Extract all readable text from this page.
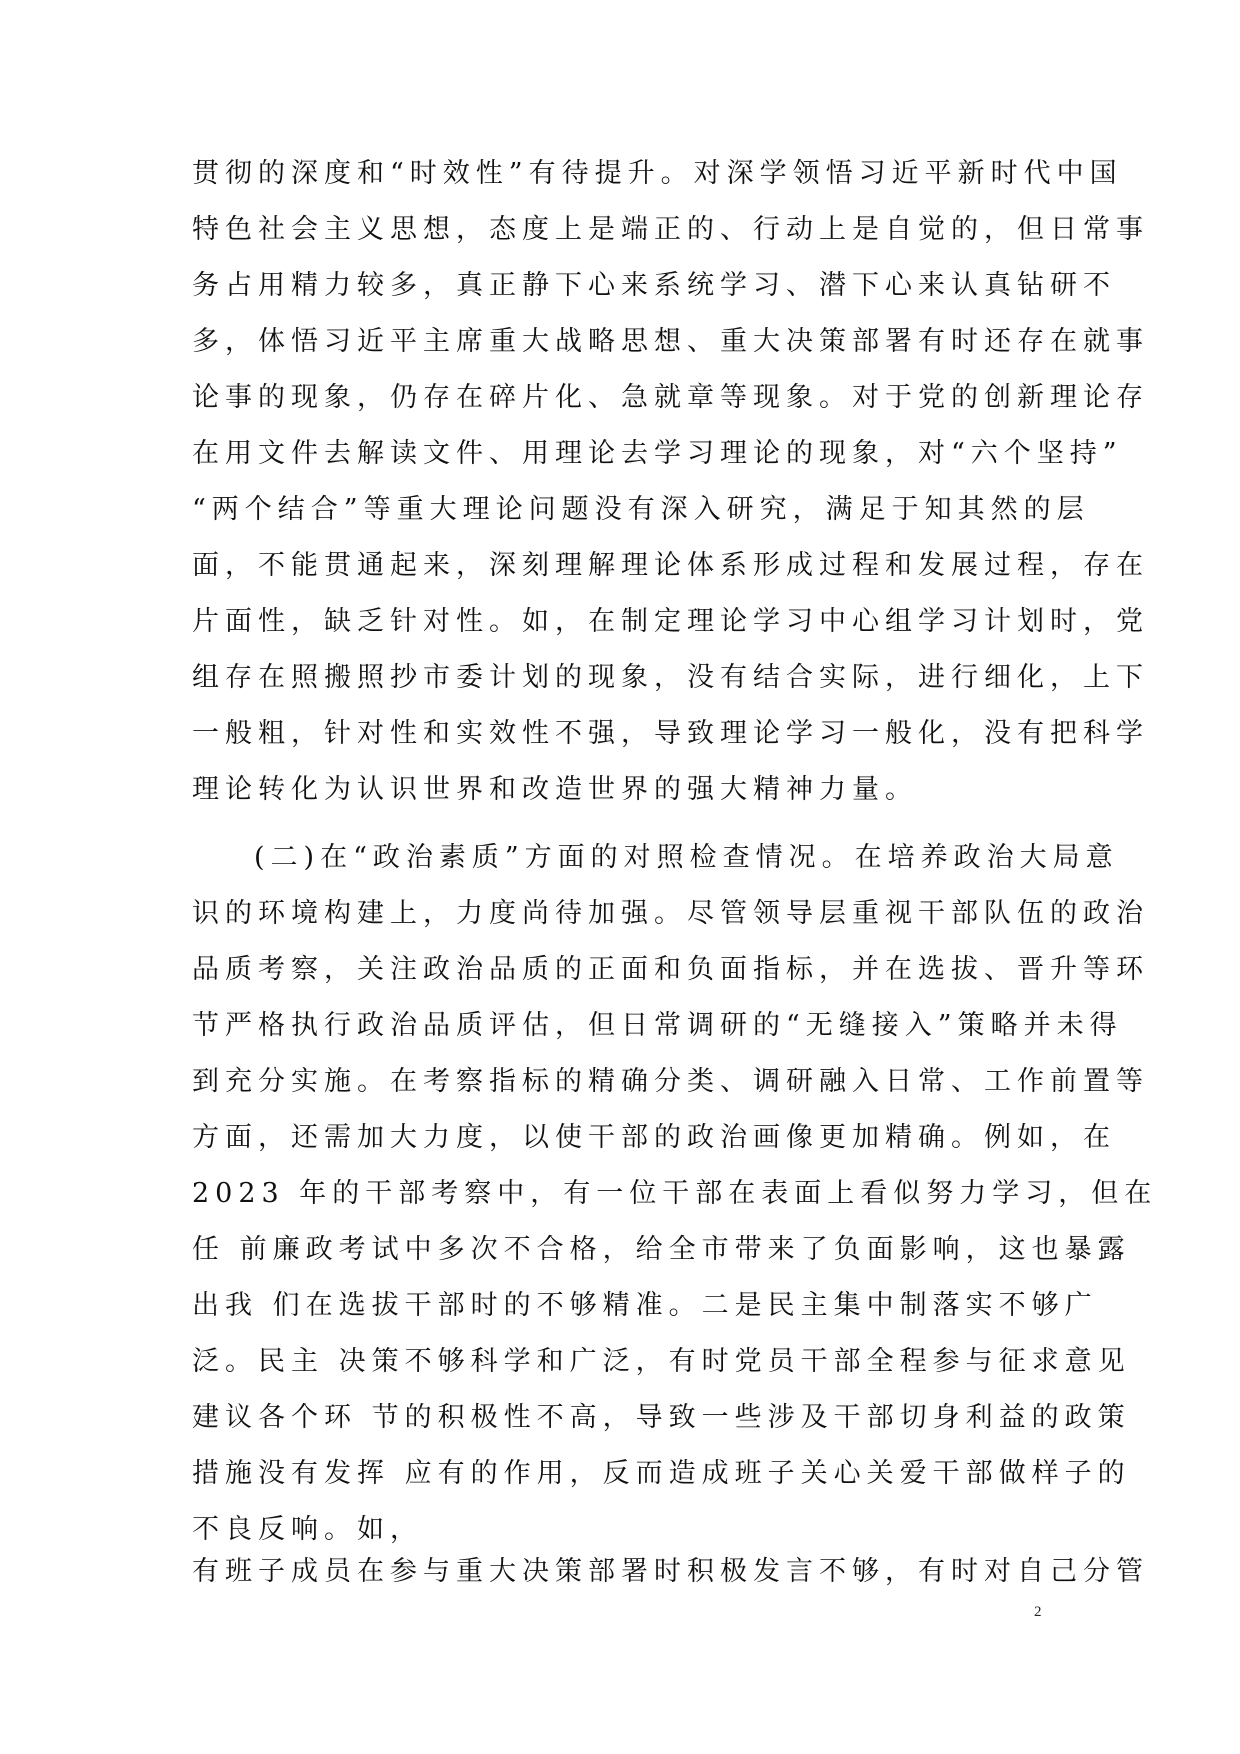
贯彻的深度和“时效性”有待提升。对深学领悟习近平新时代中国
特色社会主义思想，态度上是端正的、行动上是自觉的，但日常事
务占用精力较多，真正静下心来系统学习、潜下心来认真钻研不
多，体悟习近平主席重大战略思想、重大决策部署有时还存在就事
论事的现象，仍存在碎片化、急就章等现象。对于党的创新理论存
在用文件去解读文件、用理论去学习理论的现象，对“六个坚持”
“两个结合”等重大理论问题没有深入研究，满足于知其然的层
面，不能贯通起来，深刻理解理论体系形成过程和发展过程，存在
片面性，缺乏针对性。如，在制定理论学习中心组学习计划时，党
组存在照搬照抄市委计划的现象，没有结合实际，进行细化，上下
一般粗，针对性和实效性不强，导致理论学习一般化，没有把科学
理论转化为认识世界和改造世界的强大精神力量。
(二)在“政治素质”方面的对照检查情况。在培养政治大局意
识的环境构建上，力度尚待加强。尽管领导层重视干部队伍的政治
品质考察，关注政治品质的正面和负面指标，并在选拔、晋升等环
节严格执行政治品质评估，但日常调研的“无缝接入”策略并未得
到充分实施。在考察指标的精确分类、调研融入日常、工作前置等
方面，还需加大力度，以使干部的政治画像更加精确。例如，在
2023 年的干部考察中，有一位干部在表面上看似努力学习，但在
任 前廉政考试中多次不合格，给全市带来了负面影响，这也暴露
出我 们在选拔干部时的不够精准。二是民主集中制落实不够广
泛。民主 决策不够科学和广泛，有时党员干部全程参与征求意见
建议各个环 节的积极性不高，导致一些涉及干部切身利益的政策
措施没有发挥 应有的作用，反而造成班子关心关爱干部做样子的
不良反响。如，
有班子成员在参与重大决策部署时积极发言不够，有时对自己分管
2
